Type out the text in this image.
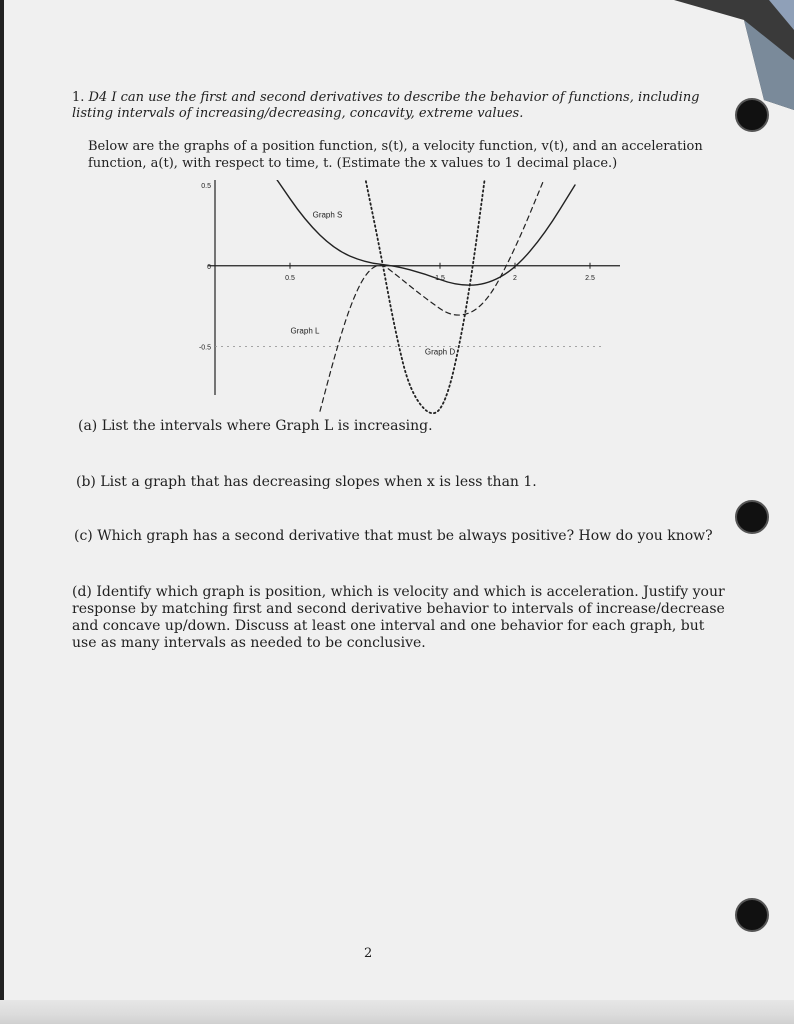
1. D4 I can use the first and second derivatives to describe the behavior of functions, including listing intervals of increasing/decreasing, concavity, extreme values.
Below are the graphs of a position function, s(t), a velocity function, v(t), and an acceleration function, a(t), with respect to time, t. (Estimate the x values to 1 decimal place.)
0.5	1.5	2	2.5
0.5
0
-0.5
Graph S
Graph L
Graph D
(a) List the intervals where Graph L is increasing.
(b) List a graph that has decreasing slopes when x is less than 1.
(c) Which graph has a second derivative that must be always positive? How do you know?
(d) Identify which graph is position, which is velocity and which is acceleration. Justify your response by matching first and second derivative behavior to intervals of increase/decrease and concave up/down. Discuss at least one interval and one behavior for each graph, but use as many intervals as needed to be conclusive.
2
